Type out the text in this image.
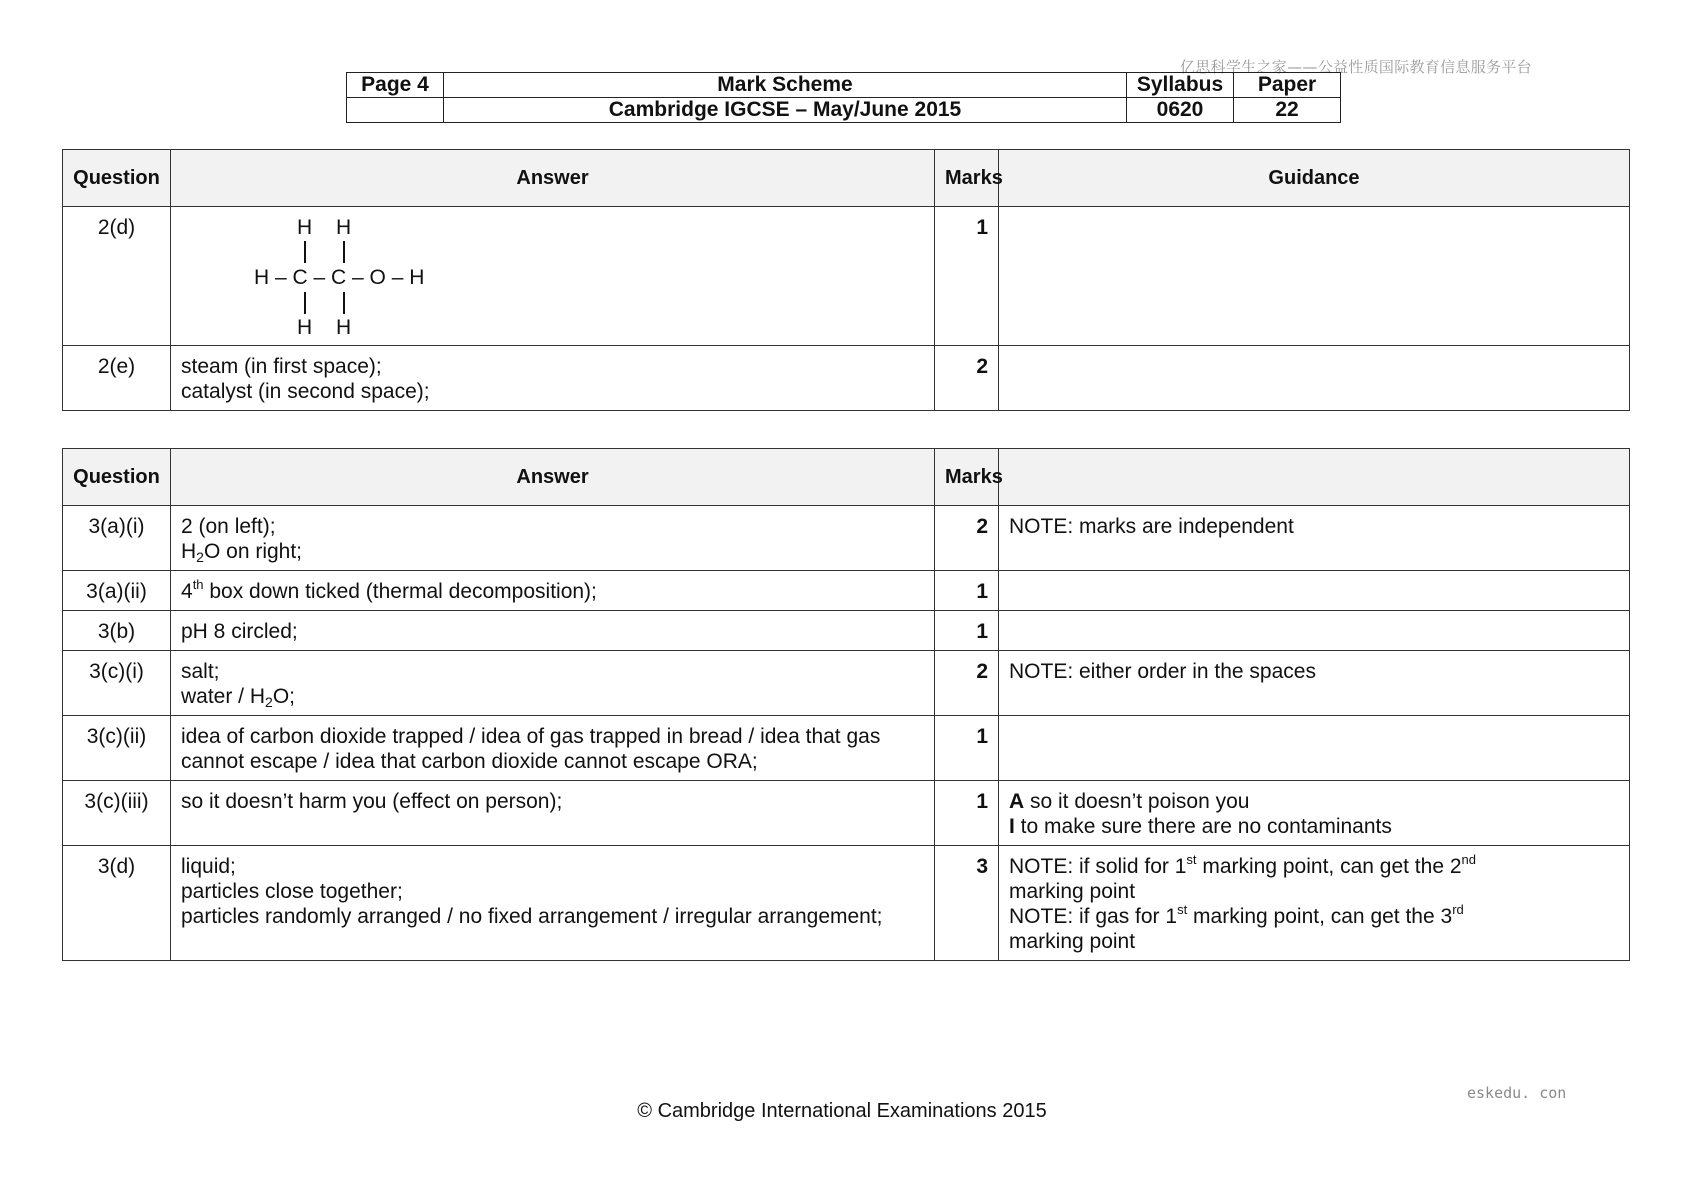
亿思科学生之家——公益性质国际教育信息服务平台
Page 4	Mark Scheme	Syllabus	Paper
	Cambridge IGCSE – May/June 2015	0620	22
Question	Answer	Marks	Guidance
2(d)	H H
H – C – C – O – H
H H	1	
2(e)	steam (in first space);
catalyst (in second space);	2	
Question	Answer	Marks	
3(a)(i)	2 (on left);
$H_2O$ on right;	2	NOTE: marks are independent
3(a)(ii)	4th box down ticked (thermal decomposition);	1	
3(b)	pH 8 circled;	1	
3(c)(i)	salt;
water / $H_2O$;	2	NOTE: either order in the spaces
3(c)(ii)	idea of carbon dioxide trapped / idea of gas trapped in bread / idea that gas
cannot escape / idea that carbon dioxide cannot escape ORA;	1	
3(c)(iii)	so it doesn’t harm you (effect on person);	1	A so it doesn’t poison you
I to make sure there are no contaminants

3(d)	liquid;
particles close together;
particles randomly arranged / no fixed arrangement / irregular arrangement;	3	NOTE: if solid for 1st marking point, can get the 2nd
marking point
NOTE: if gas for 1st marking point, can get the 3rd
marking point
eskedu. con
© Cambridge International Examinations 2015
